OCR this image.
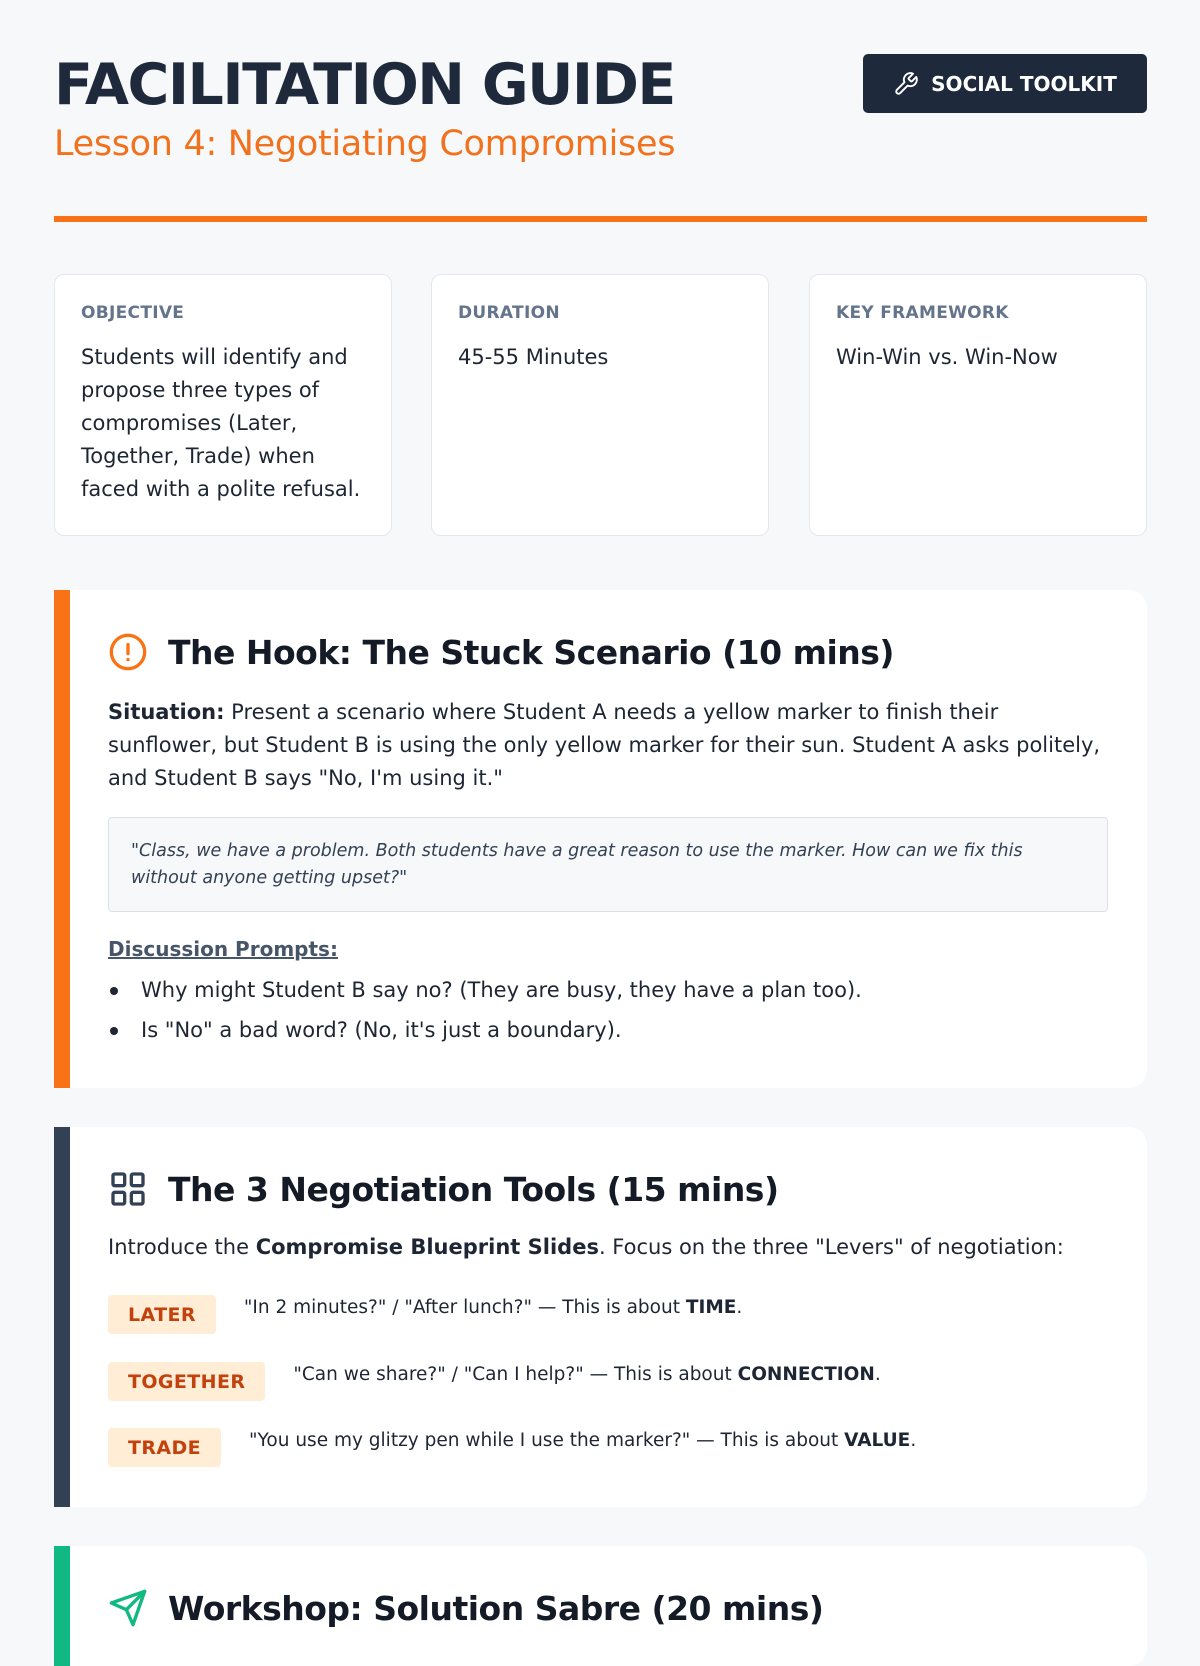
FACILITATION GUIDE
Lesson 4: Negotiating Compromises
SOCIAL TOOLKIT
OBJECTIVE
Students will identify and propose three types of compromises (Later, Together, Trade) when faced with a polite refusal.
DURATION
45-55 Minutes
KEY FRAMEWORK
Win-Win vs. Win-Now
The Hook: The Stuck Scenario (10 mins)
Situation: Present a scenario where Student A needs a yellow marker to finish their sunflower, but Student B is using the only yellow marker for their sun. Student A asks politely, and Student B says "No, I'm using it."
"Class, we have a problem. Both students have a great reason to use the marker. How can we fix this without anyone getting upset?"
Discussion Prompts:
Why might Student B say no? (They are busy, they have a plan too).
Is "No" a bad word? (No, it's just a boundary).
The 3 Negotiation Tools (15 mins)
Introduce the Compromise Blueprint Slides. Focus on the three "Levers" of negotiation:
LATER	"In 2 minutes?" / "After lunch?" — This is about TIME.
TOGETHER	"Can we share?" / "Can I help?" — This is about CONNECTION.
TRADE	"You use my glitzy pen while I use the marker?" — This is about VALUE.
Workshop: Solution Sabre (20 mins)
